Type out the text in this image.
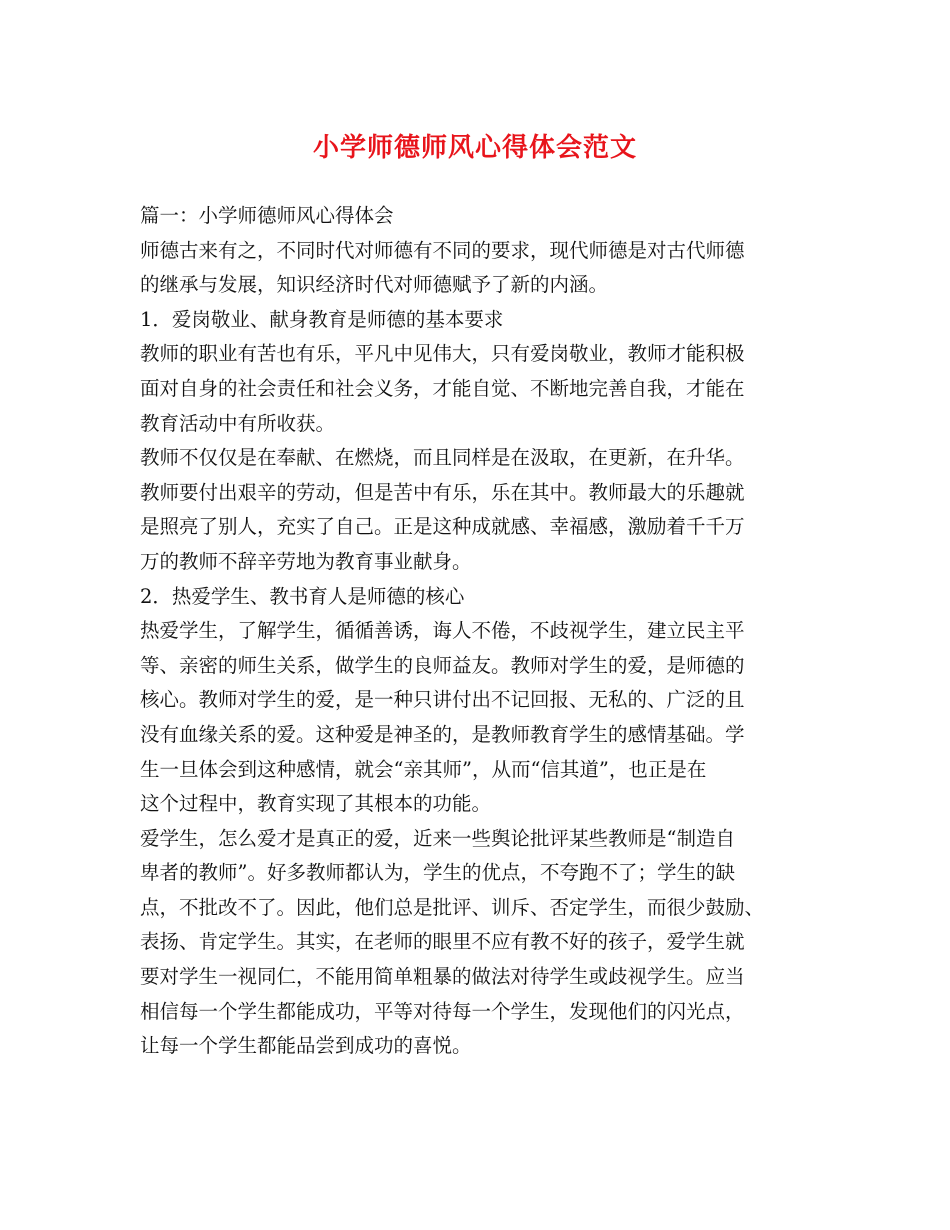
小学师德师风心得体会范文
篇一：小学师德师风心得体会
师德古来有之，不同时代对师德有不同的要求，现代师德是对古代师德
的继承与发展，知识经济时代对师德赋予了新的内涵。
1．爱岗敬业、献身教育是师德的基本要求
教师的职业有苦也有乐，平凡中见伟大，只有爱岗敬业，教师才能积极
面对自身的社会责任和社会义务，才能自觉、不断地完善自我，才能在
教育活动中有所收获。
教师不仅仅是在奉献、在燃烧，而且同样是在汲取，在更新，在升华。
教师要付出艰辛的劳动，但是苦中有乐，乐在其中。教师最大的乐趣就
是照亮了别人，充实了自己。正是这种成就感、幸福感，激励着千千万
万的教师不辞辛劳地为教育事业献身。
2．热爱学生、教书育人是师德的核心
热爱学生，了解学生，循循善诱，诲人不倦，不歧视学生，建立民主平
等、亲密的师生关系，做学生的良师益友。教师对学生的爱，是师德的
核心。教师对学生的爱，是一种只讲付出不记回报、无私的、广泛的且
没有血缘关系的爱。这种爱是神圣的，是教师教育学生的感情基础。学
生一旦体会到这种感情，就会“亲其师”，从而“信其道”，也正是在
这个过程中，教育实现了其根本的功能。
爱学生，怎么爱才是真正的爱，近来一些舆论批评某些教师是“制造自
卑者的教师”。好多教师都认为，学生的优点，不夸跑不了；学生的缺
点，不批改不了。因此，他们总是批评、训斥、否定学生，而很少鼓励、
表扬、肯定学生。其实，在老师的眼里不应有教不好的孩子，爱学生就
要对学生一视同仁，不能用简单粗暴的做法对待学生或歧视学生。应当
相信每一个学生都能成功，平等对待每一个学生，发现他们的闪光点，
让每一个学生都能品尝到成功的喜悦。
